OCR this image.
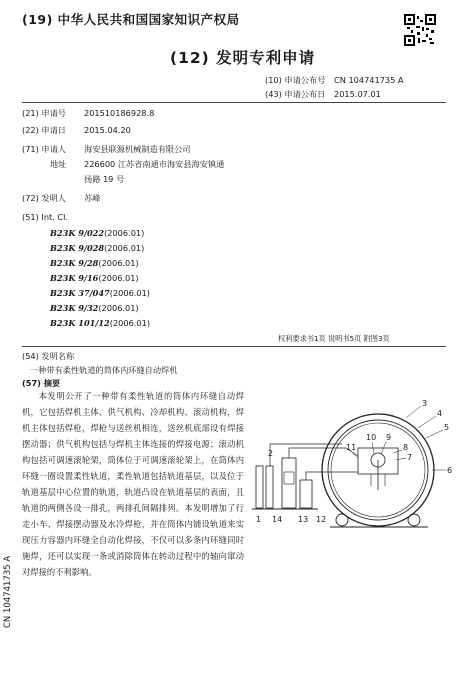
(19) 中华人民共和国国家知识产权局
(12) 发明专利申请
(10) 申请公布号 CN 104741735 A
(43) 申请公布日 2015.07.01
(21) 申请号 201510186928.8
(22) 申请日 2015.04.20
(71) 申请人 海安县联源机械制造有限公司
地址 226600 江苏省南通市海安县海安镇通
扬路 19 号
(72) 发明人 苏峰
(51) Int. Cl.
B23K 9/022(2006.01)
B23K 9/028(2006.01)
B23K 9/28(2006.01)
B23K 9/16(2006.01)
B23K 37/047(2006.01)
B23K 9/32(2006.01)
B23K 101/12(2006.01)
权利要求书1页 说明书5页 附图3页
(54) 发明名称
一种带有柔性轨道的筒体内环缝自动焊机
(57) 摘要
本发明公开了一种带有柔性轨道的筒体内环缝自动焊机，它包括焊机主体、供气机构、冷却机构、滚动机构，焊机主体包括焊枪，焊枪与送丝机相连，送丝机底部设有焊接摆动器；供气机构包括与焊机主体连接的焊接电源；滚动机构包括可调速滚轮架，筒体位于可调速滚轮架上，在筒体内环缝一圈设置柔性轨道，柔性轨道包括轨道基层，以及位于轨道基层中心位置的轨道，轨道凸设在轨道基层的表面，且轨道的两侧各设一排孔，两排孔间隔排列。本发明增加了行走小车、焊接摆动器及水冷焊枪，并在筒体内铺设轨道来实现压力容器内环缝全自动化焊接，不仅可以多条内环缝同时施焊，还可以实现一条或消除筒体在转动过程中的轴向窜动对焊接的不利影响。
3
4
5
6
7
8
9
10
11
2
1 14 13 12
CN 104741735 A
